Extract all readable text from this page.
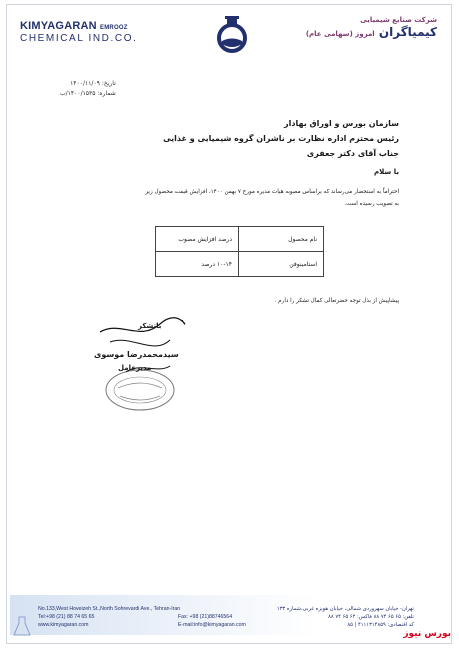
KIMYAGARAN EMROOZ
CHEMICAL IND.CO.
شرکت صنایع شیمیایی
کیمیاگران امروز (سهامی عام)
تاریخ: ۱۴۰۰/۱۱/۰۹
شماره: ۱۴۰۰/۱۵۳۵/ب
سازمان بورس و اوراق بهادار
رئیس محترم اداره نظارت بر ناشران گروه شیمیایی و غذایی
جناب آقای دکتر جعفری
با سلام
احتراماً به استحضار می‌رساند که براساس مصوبه هیات مدیره مورخ ۷ بهمن ۱۴۰۰، افزایش قیمت محصول زیر
به تصویب رسیده است.
نام محصول	درصد افزایش مصوب
استامینوفن	۱۰-۱۴ درصد
پیشاپیش از بذل توجه حضرتعالی کمال تشکر را دارم .
باتشکر
سیدمحمدرضا موسوی
مدیرعامل
No.133,West Hoveizeh St.,North Sohrevardi Ave., Tehran-Iran
Tel:+98 (21) 88 74 65 65	Fax: +98 (21)88746564
www.kimyagaran.com	E-mail:info@kimyagaran.com
تهران- خیابان سهروردی شمالی، خیابان هویزه غربی،شماره ۱۳۳
تلفن: ۶۵ ۶۵ ۷۴ ۸۸ فاکس: ۶۴ ۶۵ ۷۴ ۸۸
کد اقتصادی: ۴۱۱۱۳۱۴۸۵۹ | ۸۵
بورس نیوز
